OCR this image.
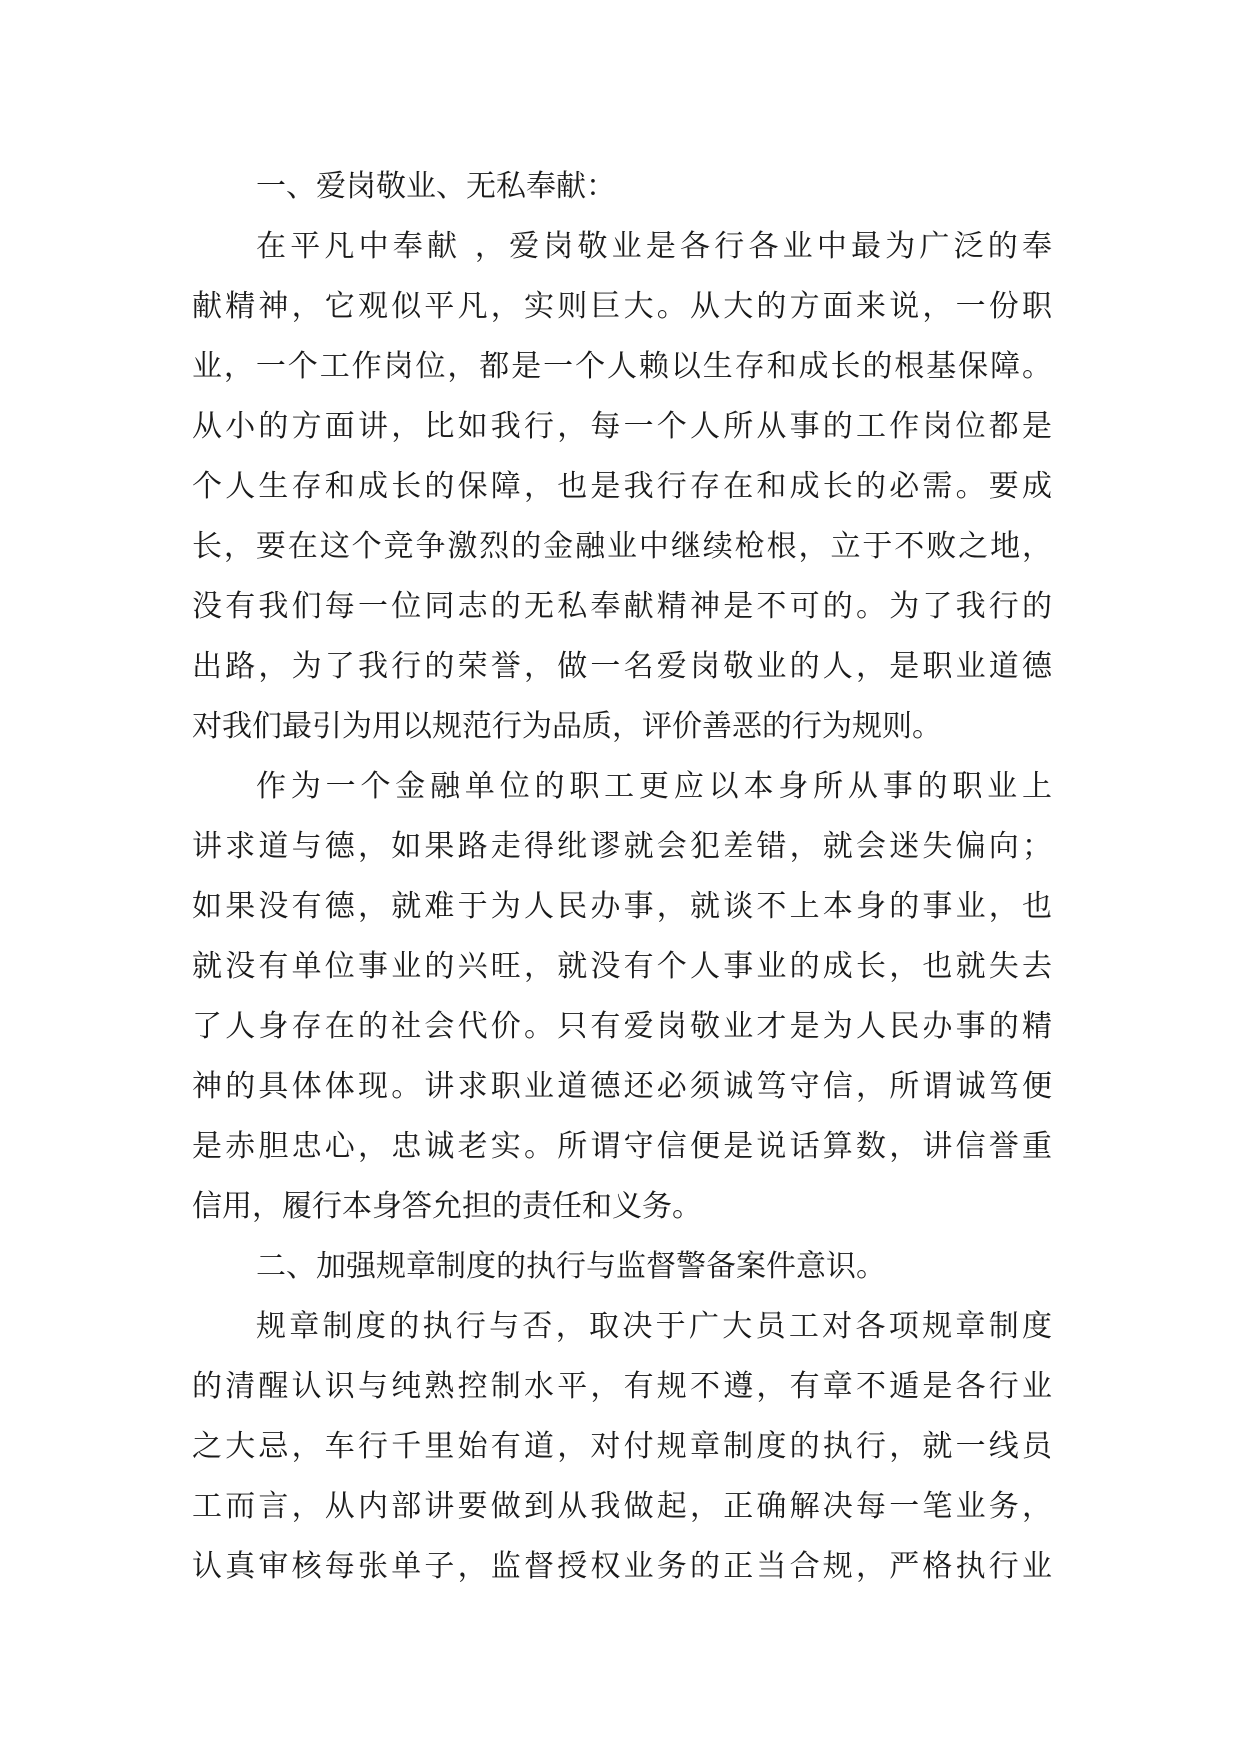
一、爱岗敬业、无私奉献：
在平凡中奉献 ，爱岗敬业是各行各业中最为广泛的奉
献精神，它观似平凡，实则巨大。从大的方面来说，一份职
业，一个工作岗位，都是一个人赖以生存和成长的根基保障。
从小的方面讲，比如我行，每一个人所从事的工作岗位都是
个人生存和成长的保障，也是我行存在和成长的必需。要成
长，要在这个竞争激烈的金融业中继续枪根，立于不败之地，
没有我们每一位同志的无私奉献精神是不可的。为了我行的
出路，为了我行的荣誉，做一名爱岗敬业的人，是职业道德
对我们最引为用以规范行为品质，评价善恶的行为规则。
作为一个金融单位的职工更应以本身所从事的职业上
讲求道与德，如果路走得纰谬就会犯差错，就会迷失偏向；
如果没有德，就难于为人民办事，就谈不上本身的事业，也
就没有单位事业的兴旺，就没有个人事业的成长，也就失去
了人身存在的社会代价。只有爱岗敬业才是为人民办事的精
神的具体体现。讲求职业道德还必须诚笃守信，所谓诚笃便
是赤胆忠心，忠诚老实。所谓守信便是说话算数，讲信誉重
信用，履行本身答允担的责任和义务。
二、加强规章制度的执行与监督警备案件意识。
规章制度的执行与否，取决于广大员工对各项规章制度
的清醒认识与纯熟控制水平，有规不遵，有章不遁是各行业
之大忌，车行千里始有道，对付规章制度的执行，就一线员
工而言，从内部讲要做到从我做起，正确解决每一笔业务，
认真审核每张单子，监督授权业务的正当合规，严格执行业
